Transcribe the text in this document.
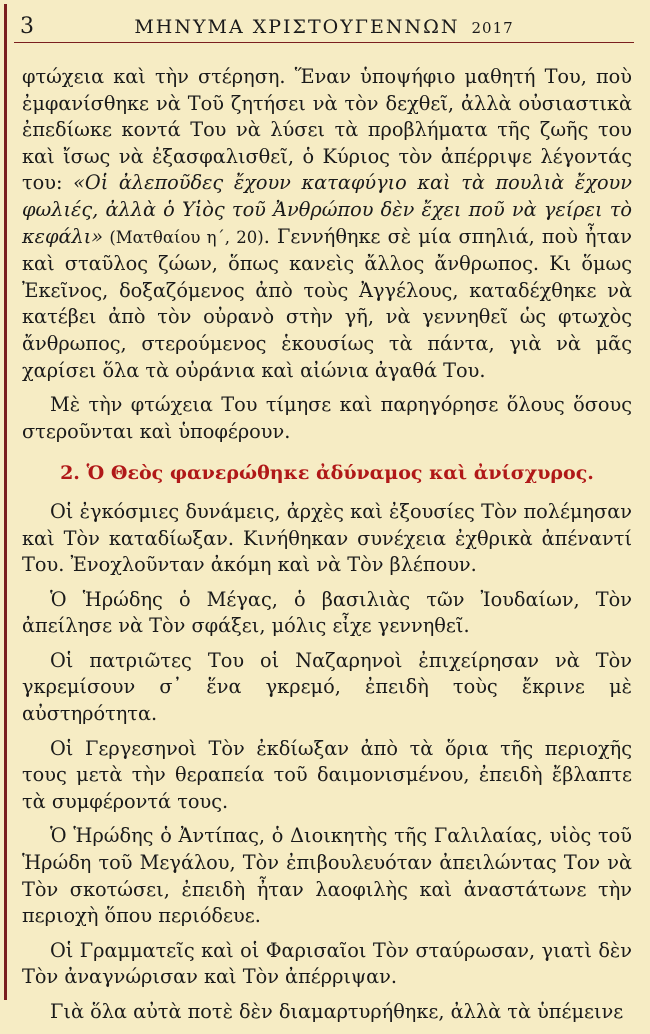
3	ΜΗΝΥΜΑ ΧΡΙΣΤΟΥΓΕΝΝΩΝ 2017

φτώχεια καὶ τὴν στέρηση. Ἕναν ὑποψήφιο μαθητή Του, ποὺ ἐμφανίσθηκε νὰ Τοῦ ζητήσει νὰ τὸν δεχθεῖ, ἀλλὰ οὐσιαστικὰ ἐπεδίωκε κοντά Του νὰ λύσει τὰ προβλήματα τῆς ζωῆς του καὶ ἴσως νὰ ἐξασφαλισθεῖ, ὁ Κύριος τὸν ἀπέρριψε λέγοντάς του: «Οἱ ἀλεποῦδες ἔχουν καταφύγιο καὶ τὰ πουλιὰ ἔχουν φωλιές, ἀλλὰ ὁ Υἱὸς τοῦ Ἀνθρώπου δὲν ἔχει ποῦ νὰ γείρει τὸ κεφάλι» (Ματθαίου η΄, 20). Γεννήθηκε σὲ μία σπηλιά, ποὺ ἦταν καὶ σταῦλος ζώων, ὅπως κανεὶς ἄλλος ἄνθρωπος. Κι ὅμως Ἐκεῖνος, δοξαζόμενος ἀπὸ τοὺς Ἀγγέλους, καταδέχθηκε νὰ κατέβει ἀπὸ τὸν οὐρανὸ στὴν γῆ, νὰ γεννηθεῖ ὡς φτωχὸς ἄνθρωπος, στερούμενος ἑκουσίως τὰ πάντα, γιὰ νὰ μᾶς χαρίσει ὅλα τὰ οὐράνια καὶ αἰώνια ἀγαθά Του.

Μὲ τὴν φτώχεια Του τίμησε καὶ παρηγόρησε ὅλους ὅσους στεροῦνται καὶ ὑποφέρουν.

2. Ὁ Θεὸς φανερώθηκε ἀδύναμος καὶ ἀνίσχυρος.

Οἱ ἐγκόσμιες δυνάμεις, ἀρχὲς καὶ ἐξουσίες Τὸν πολέμησαν καὶ Τὸν καταδίωξαν. Κινήθηκαν συνέχεια ἐχθρικὰ ἀπέναντί Του. Ἐνοχλοῦνταν ἀκόμη καὶ νὰ Τὸν βλέπουν.

Ὁ Ἡρώδης ὁ Μέγας, ὁ βασιλιὰς τῶν Ἰουδαίων, Τὸν ἀπείλησε νὰ Τὸν σφάξει, μόλις εἶχε γεννηθεῖ.

Οἱ πατριῶτες Του οἱ Ναζαρηνοὶ ἐπιχείρησαν νὰ Τὸν γκρεμίσουν σ᾿ ἕνα γκρεμό, ἐπειδὴ τοὺς ἔκρινε μὲ αὐστηρότητα.

Οἱ Γεργεσηνοὶ Τὸν ἐκδίωξαν ἀπὸ τὰ ὅρια τῆς περιοχῆς τους μετὰ τὴν θεραπεία τοῦ δαιμονισμένου, ἐπειδὴ ἔβλαπτε τὰ συμφέροντά τους.

Ὁ Ἡρώδης ὁ Ἀντίπας, ὁ Διοικητὴς τῆς Γαλιλαίας, υἱὸς τοῦ Ἡρώδη τοῦ Μεγάλου, Τὸν ἐπιβουλευόταν ἀπειλώντας Τον νὰ Τὸν σκοτώσει, ἐπειδὴ ἦταν λαοφιλὴς καὶ ἀναστάτωνε τὴν περιοχὴ ὅπου περιόδευε.

Οἱ Γραμματεῖς καὶ οἱ Φαρισαῖοι Τὸν σταύρωσαν, γιατὶ δὲν Τὸν ἀναγνώρισαν καὶ Τὸν ἀπέρριψαν.

Γιὰ ὅλα αὐτὰ ποτὲ δὲν διαμαρτυρήθηκε, ἀλλὰ τὰ ὑπέμεινε
